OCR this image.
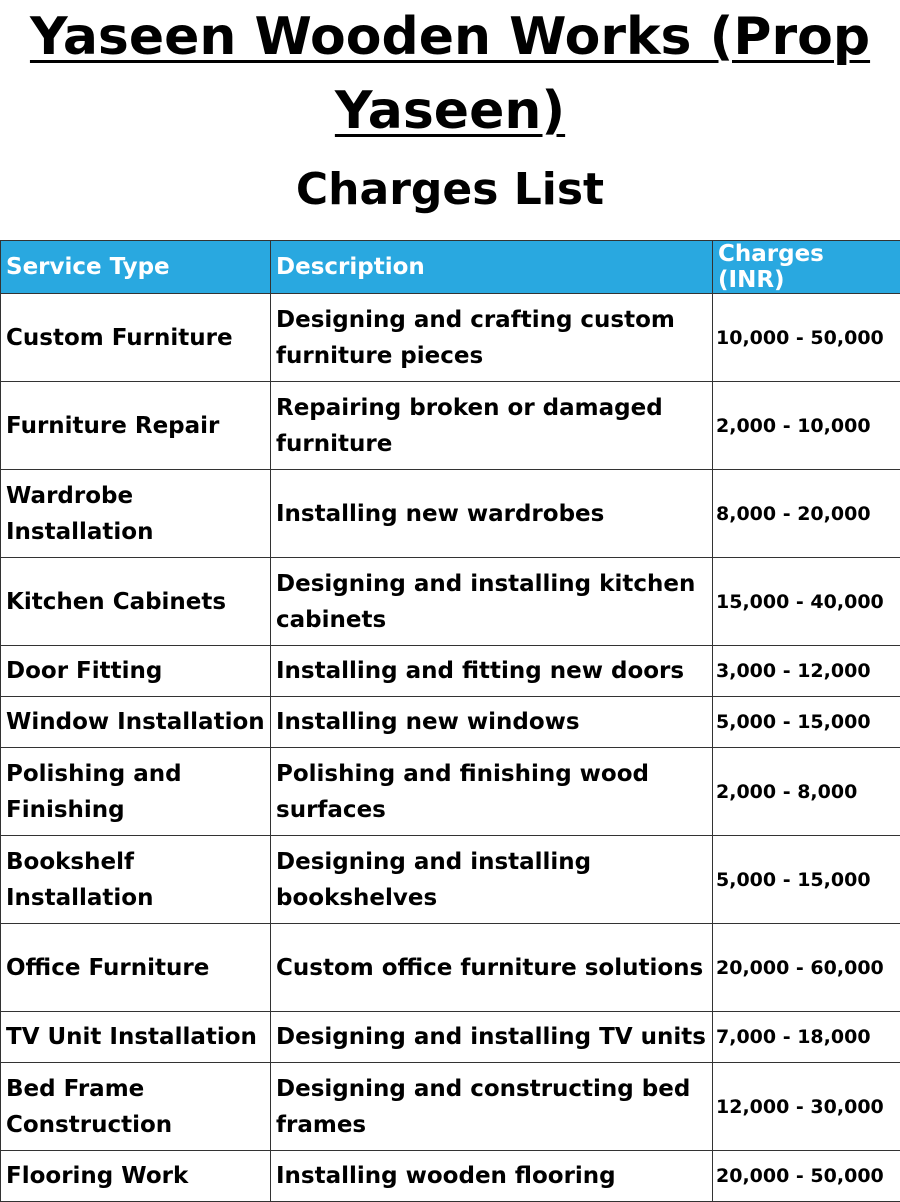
Yaseen Wooden Works (Prop
Yaseen)
Charges List
Service Type	Description	Charges (INR)
Custom Furniture	Designing and crafting custom furniture pieces	10,000 - 50,000
Furniture Repair	Repairing broken or damaged furniture	2,000 - 10,000
Wardrobe Installation	Installing new wardrobes	8,000 - 20,000
Kitchen Cabinets	Designing and installing kitchen cabinets	15,000 - 40,000
Door Fitting	Installing and fitting new doors	3,000 - 12,000
Window Installation	Installing new windows	5,000 - 15,000
Polishing and Finishing	Polishing and finishing wood surfaces	2,000 - 8,000
Bookshelf Installation	Designing and installing bookshelves	5,000 - 15,000
Office Furniture	Custom office furniture solutions	20,000 - 60,000
TV Unit Installation	Designing and installing TV units	7,000 - 18,000
Bed Frame Construction	Designing and constructing bed frames	12,000 - 30,000
Flooring Work	Installing wooden flooring	20,000 - 50,000
